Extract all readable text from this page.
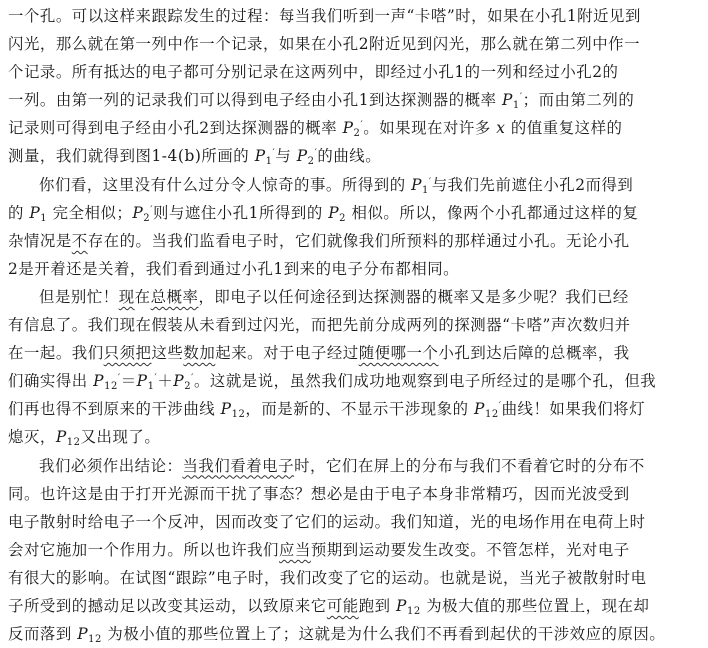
一个孔。可以这样来跟踪发生的过程：每当我们听到一声“卡嗒”时，如果在小孔1附近见到
闪光，那么就在第一列中作一个记录，如果在小孔2附近见到闪光，那么就在第二列中作一
个记录。所有抵达的电子都可分别记录在这两列中，即经过小孔1的一列和经过小孔2的
一列。由第一列的记录我们可以得到电子经由小孔1到达探测器的概率 $P_1'$；而由第二列的
记录则可得到电子经由小孔2到达探测器的概率 $P_2'$。如果现在对许多 x 的值重复这样的
测量，我们就得到图1-4(b)所画的 $P_1'$与 $P_2'$的曲线。
你们看，这里没有什么过分令人惊奇的事。所得到的 $P_1'$与我们先前遮住小孔2而得到
的 $P_1$ 完全相似；$P_2'$则与遮住小孔1所得到的 $P_2$ 相似。所以，像两个小孔都通过这样的复
杂情况是不存在的。当我们监看电子时，它们就像我们所预料的那样通过小孔。无论小孔
2是开着还是关着，我们看到通过小孔1到来的电子分布都相同。
但是别忙！现在总概率，即电子以任何途径到达探测器的概率又是多少呢？我们已经
有信息了。我们现在假装从未看到过闪光，而把先前分成两列的探测器“卡嗒”声次数归并
在一起。我们只须把这些数加起来。对于电子经过随便哪一个小孔到达后障的总概率，我
们确实得出 $P_{12}'=P_1'+P_2'$。这就是说，虽然我们成功地观察到电子所经过的是哪个孔，但我
们再也得不到原来的干涉曲线 $P_{12}$，而是新的、不显示干涉现象的 $P_{12}'$曲线！如果我们将灯
熄灭，$P_{12}$又出现了。
我们必须作出结论：当我们看着电子时，它们在屏上的分布与我们不看着它时的分布不
同。也许这是由于打开光源而干扰了事态？想必是由于电子本身非常精巧，因而光波受到
电子散射时给电子一个反冲，因而改变了它们的运动。我们知道，光的电场作用在电荷上时
会对它施加一个作用力。所以也许我们应当预期到运动要发生改变。不管怎样，光对电子
有很大的影响。在试图“跟踪”电子时，我们改变了它的运动。也就是说，当光子被散射时电
子所受到的撼动足以改变其运动，以致原来它可能跑到 $P_{12}$ 为极大值的那些位置上，现在却
反而落到 $P_{12}$ 为极小值的那些位置上了；这就是为什么我们不再看到起伏的干涉效应的原因。
